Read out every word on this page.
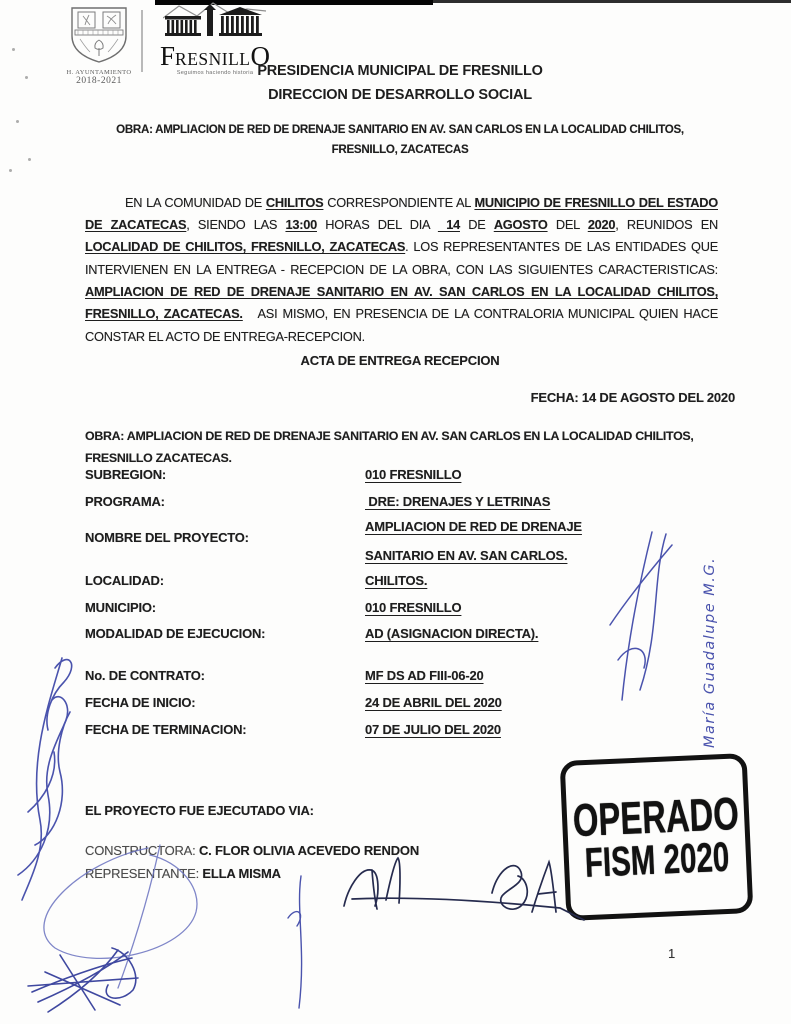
H. AYUNTAMIENTO
2018-2021
FRESNILLO
Seguimos haciendo historia PRESIDENCIA MUNICIPAL DE FRESNILLO
DIRECCION DE DESARROLLO SOCIAL
OBRA: AMPLIACION DE RED DE DRENAJE SANITARIO EN AV. SAN CARLOS EN LA LOCALIDAD CHILITOS,
FRESNILLO, ZACATECAS

EN LA COMUNIDAD DE CHILITOS CORRESPONDIENTE AL MUNICIPIO DE FRESNILLO DEL ESTADO DE ZACATECAS, SIENDO LAS 13:00 HORAS DEL DIA  14 DE AGOSTO DEL 2020, REUNIDOS EN LOCALIDAD DE CHILITOS, FRESNILLO, ZACATECAS. LOS REPRESENTANTES DE LAS ENTIDADES QUE INTERVIENEN EN LA ENTREGA - RECEPCION DE LA OBRA, CON LAS SIGUIENTES CARACTERISTICAS: AMPLIACION DE RED DE DRENAJE SANITARIO EN AV. SAN CARLOS EN LA LOCALIDAD CHILITOS, FRESNILLO, ZACATECAS.   ASI MISMO, EN PRESENCIA DE LA CONTRALORIA MUNICIPAL QUIEN HACE CONSTAR EL ACTO DE ENTREGA-RECEPCION.

ACTA DE ENTREGA RECEPCION
FECHA: 14 DE AGOSTO DEL 2020
OBRA: AMPLIACION DE RED DE DRENAJE SANITARIO EN AV. SAN CARLOS EN LA LOCALIDAD CHILITOS,
FRESNILLO ZACATECAS.
SUBREGION:	010 FRESNILLO
PROGRAMA:	DRE: DRENAJES Y LETRINAS
NOMBRE DEL PROYECTO:
AMPLIACION DE RED DE DRENAJE
SANITARIO EN AV. SAN CARLOS.
LOCALIDAD:	CHILITOS.
MUNICIPIO:	010 FRESNILLO
MODALIDAD DE EJECUCION:	AD (ASIGNACION DIRECTA).
No. DE CONTRATO:	MF DS AD FIII-06-20
FECHA DE INICIO:	24 DE ABRIL DEL 2020
FECHA DE TERMINACION:	07 DE JULIO DEL 2020
EL PROYECTO FUE EJECUTADO VIA:
CONSTRUCTORA: C. FLOR OLIVIA ACEVEDO RENDON
REPRESENTANTE: ELLA MISMA
OPERADO
FISM 2020
María Guadalupe M.G.
1
